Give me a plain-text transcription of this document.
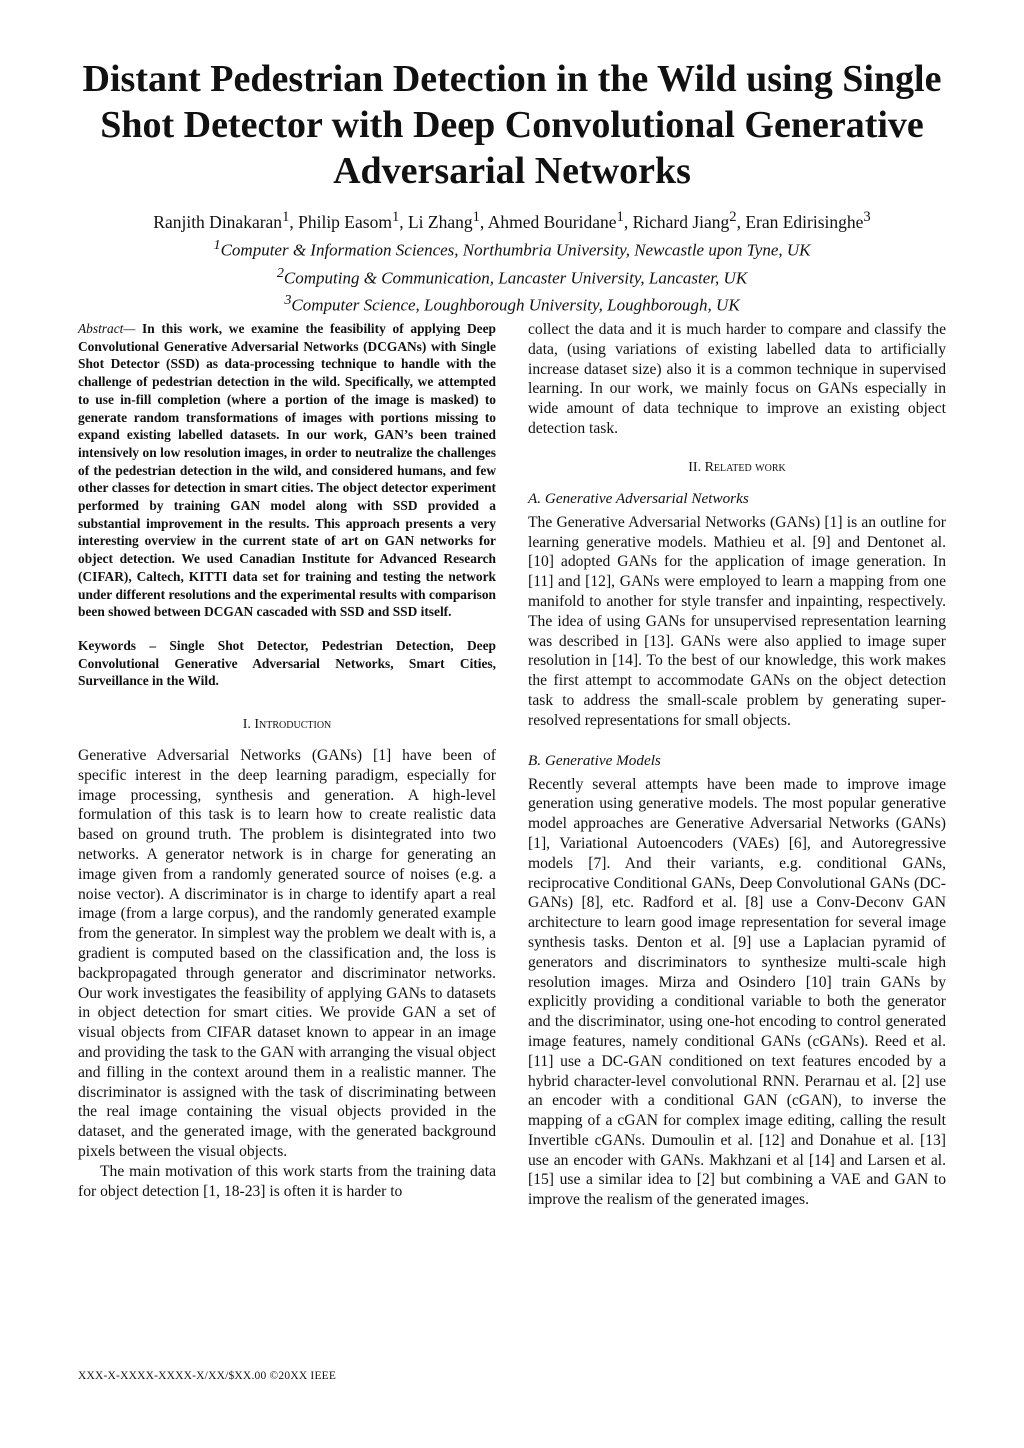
Distant Pedestrian Detection in the Wild using Single Shot Detector with Deep Convolutional Generative Adversarial Networks
Ranjith Dinakaran$^1$, Philip Easom$^1$, Li Zhang$^1$, Ahmed Bouridane$^1$, Richard Jiang$^2$, Eran Edirisinghe$^3$
$^1$Computer & Information Sciences, Northumbria University, Newcastle upon Tyne, UK
$^2$Computing & Communication, Lancaster University, Lancaster, UK
$^3$Computer Science, Loughborough University, Loughborough, UK

Abstract— In this work, we examine the feasibility of applying Deep Convolutional Generative Adversarial Networks (DCGANs) with Single Shot Detector (SSD) as data-processing technique to handle with the challenge of pedestrian detection in the wild. Specifically, we attempted to use in-fill completion (where a portion of the image is masked) to generate random transformations of images with portions missing to expand existing labelled datasets. In our work, GAN’s been trained intensively on low resolution images, in order to neutralize the challenges of the pedestrian detection in the wild, and considered humans, and few other classes for detection in smart cities. The object detector experiment performed by training GAN model along with SSD provided a substantial improvement in the results. This approach presents a very interesting overview in the current state of art on GAN networks for object detection. We used Canadian Institute for Advanced Research (CIFAR), Caltech, KITTI data set for training and testing the network under different resolutions and the experimental results with comparison been showed between DCGAN cascaded with SSD and SSD itself.

Keywords – Single Shot Detector, Pedestrian Detection, Deep Convolutional Generative Adversarial Networks, Smart Cities, Surveillance in the Wild.

I. Introduction

Generative Adversarial Networks (GANs) [1] have been of specific interest in the deep learning paradigm, especially for image processing, synthesis and generation. A high-level formulation of this task is to learn how to create realistic data based on ground truth. The problem is disintegrated into two networks. A generator network is in charge for generating an image given from a randomly generated source of noises (e.g. a noise vector). A discriminator is in charge to identify apart a real image (from a large corpus), and the randomly generated example from the generator. In simplest way the problem we dealt with is, a gradient is computed based on the classification and, the loss is backpropagated through generator and discriminator networks. Our work investigates the feasibility of applying GANs to datasets in object detection for smart cities. We provide GAN a set of visual objects from CIFAR dataset known to appear in an image and providing the task to the GAN with arranging the visual object and filling in the context around them in a realistic manner. The discriminator is assigned with the task of discriminating between the real image containing the visual objects provided in the dataset, and the generated image, with the generated background pixels between the visual objects.

The main motivation of this work starts from the training data for object detection [1, 18-23] is often it is harder to

collect the data and it is much harder to compare and classify the data, (using variations of existing labelled data to artificially increase dataset size) also it is a common technique in supervised learning. In our work, we mainly focus on GANs especially in wide amount of data technique to improve an existing object detection task.

II. Related work
A. Generative Adversarial Networks

The Generative Adversarial Networks (GANs) [1] is an outline for learning generative models. Mathieu et al. [9] and Dentonet al. [10] adopted GANs for the application of image generation. In [11] and [12], GANs were employed to learn a mapping from one manifold to another for style transfer and inpainting, respectively. The idea of using GANs for unsupervised representation learning was described in [13]. GANs were also applied to image super resolution in [14]. To the best of our knowledge, this work makes the first attempt to accommodate GANs on the object detection task to address the small-scale problem by generating super-resolved representations for small objects.

B. Generative Models

Recently several attempts have been made to improve image generation using generative models. The most popular generative model approaches are Generative Adversarial Networks (GANs) [1], Variational Autoencoders (VAEs) [6], and Autoregressive models [7]. And their variants, e.g. conditional GANs, reciprocative Conditional GANs, Deep Convolutional GANs (DC-GANs) [8], etc. Radford et al. [8] use a Conv-Deconv GAN architecture to learn good image representation for several image synthesis tasks. Denton et al. [9] use a Laplacian pyramid of generators and discriminators to synthesize multi-scale high resolution images. Mirza and Osindero [10] train GANs by explicitly providing a conditional variable to both the generator and the discriminator, using one-hot encoding to control generated image features, namely conditional GANs (cGANs). Reed et al. [11] use a DC-GAN conditioned on text features encoded by a hybrid character-level convolutional RNN. Perarnau et al. [2] use an encoder with a conditional GAN (cGAN), to inverse the mapping of a cGAN for complex image editing, calling the result Invertible cGANs. Dumoulin et al. [12] and Donahue et al. [13] use an encoder with GANs. Makhzani et al [14] and Larsen et al. [15] use a similar idea to [2] but combining a VAE and GAN to improve the realism of the generated images.

XXX-X-XXXX-XXXX-X/XX/$XX.00 ©20XX IEEE
